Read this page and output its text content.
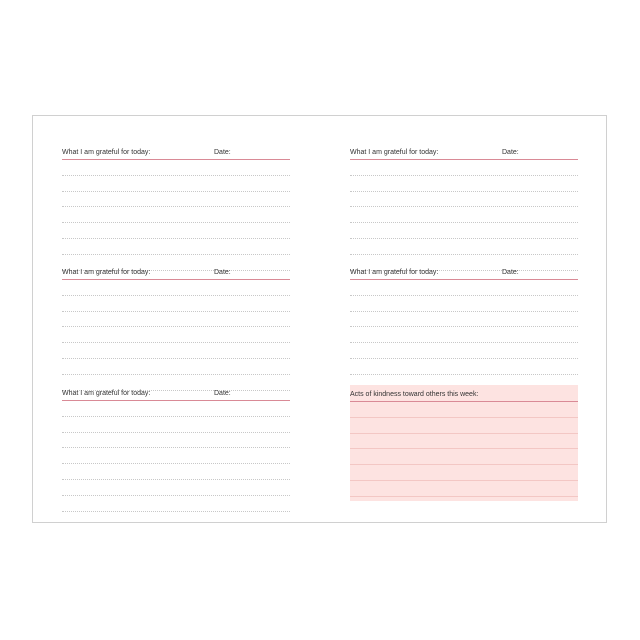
What I am grateful for today:	Date:
What I am grateful for today:	Date:
What I am grateful for today:	Date:
What I am grateful for today:	Date:
What I am grateful for today:	Date:
Acts of kindness toward others this week:
